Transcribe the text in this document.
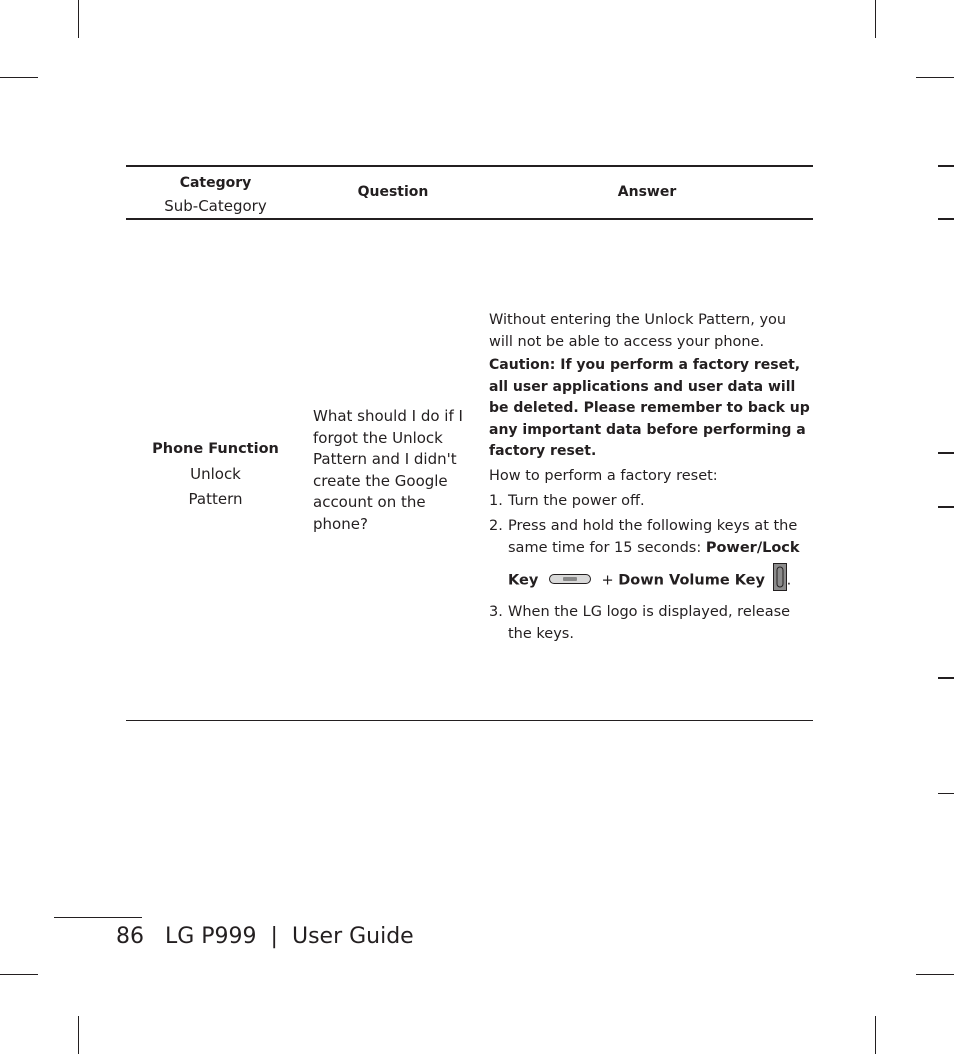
Category
Sub-Category
Question	Answer
Phone Function
Unlock
Pattern
What should I do if I forgot the Unlock Pattern and I didn't create the Google account on the phone?

Without entering the Unlock Pattern, you will not be able to access your phone.

Caution: If you perform a factory reset, all user applications and user data will be deleted. Please remember to back up any important data before performing a factory reset.

How to perform a factory reset:

1. Turn the power off.
2. Press and hold the following keys at the same time for 15 seconds: Power/Lock
Key	+ Down Volume Key .
3. When the LG logo is displayed, release the keys.
86 LG P999 | User Guide
